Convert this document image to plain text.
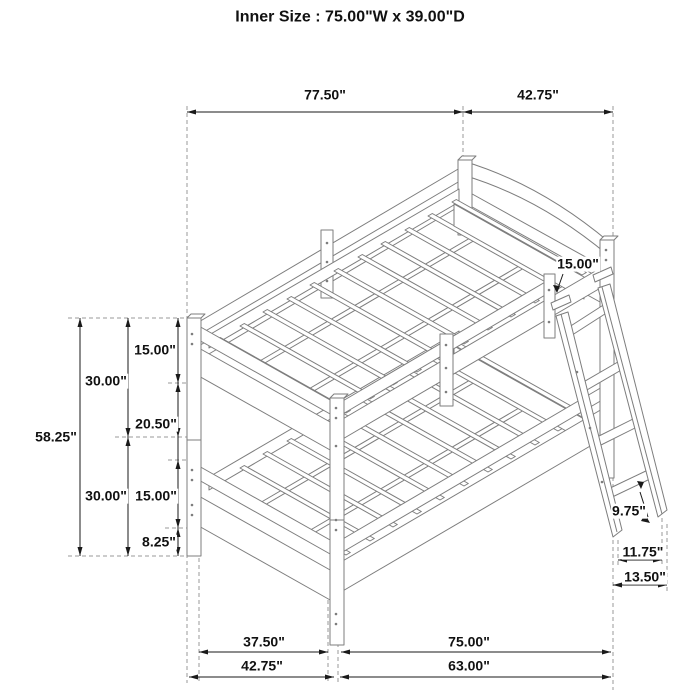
Inner Size : 75.00"W x 39.00"D
77.50"	42.75"
58.25"
30.00"
30.00"
15.00"
20.50"
15.00"
8.25"
15.00"
9.75"
11.75"
13.50"
37.50"	75.00"
42.75"	63.00"
